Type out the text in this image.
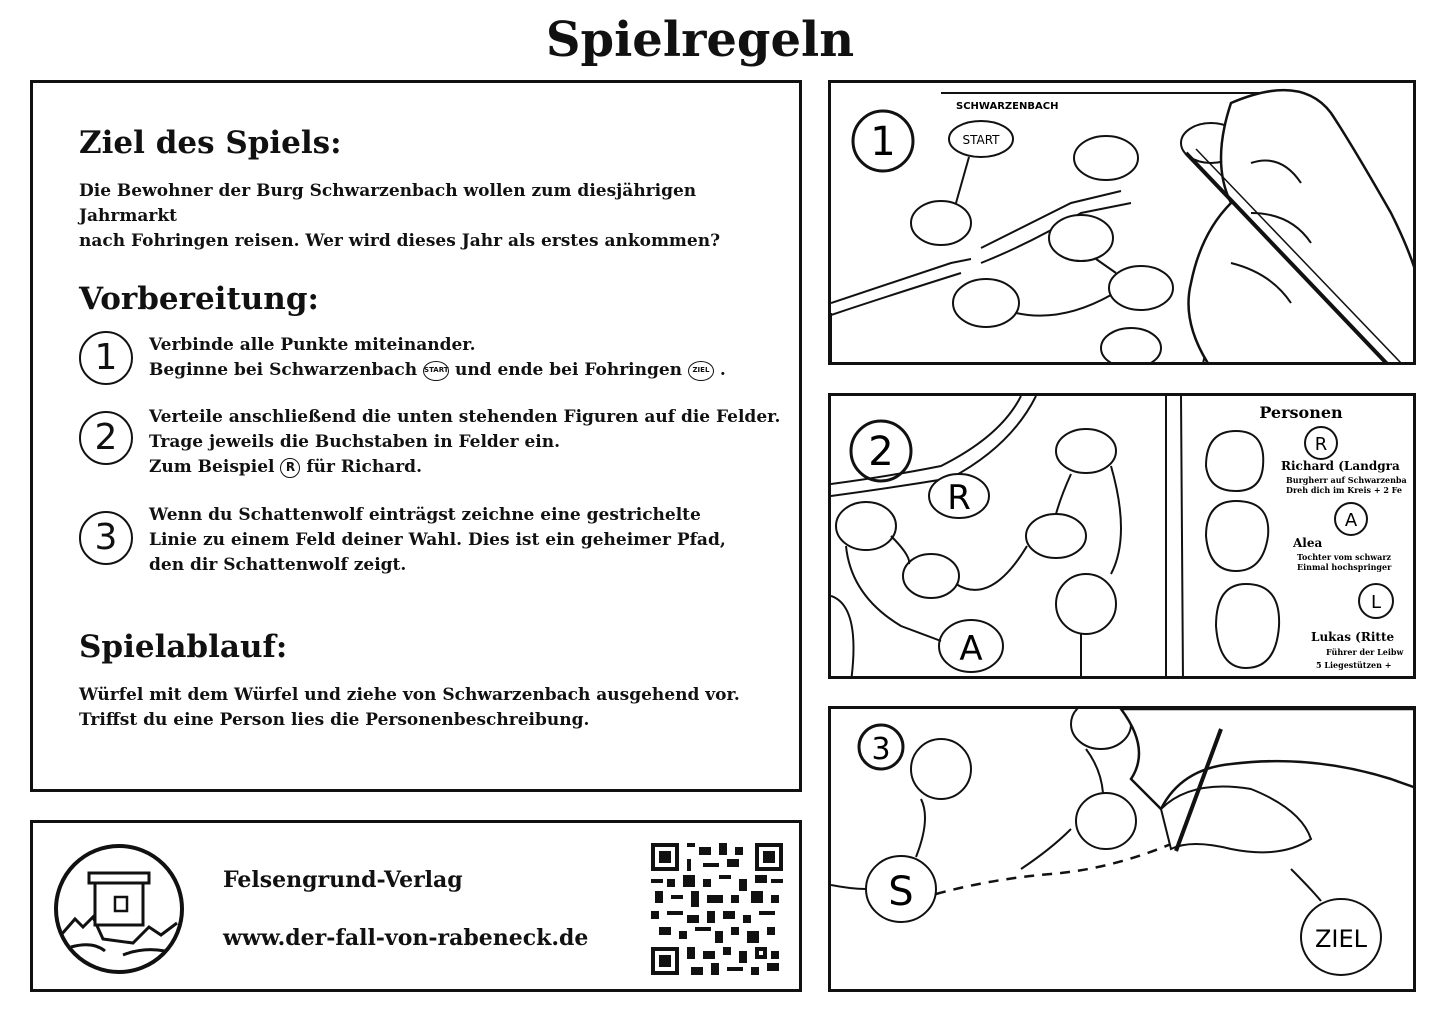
Spielregeln
Ziel des Spiels:

Die Bewohner der Burg Schwarzenbach wollen zum diesjährigen Jahrmarkt
nach Fohringen reisen. Wer wird dieses Jahr als erstes ankommen?

Vorbereitung:
1	Verbinde alle Punkte miteinander.
Beginne bei Schwarzenbach START und ende bei Fohringen ZIEL .
2	Verteile anschließend die unten stehenden Figuren auf die Felder.
Trage jeweils die Buchstaben in Felder ein.
Zum Beispiel R für Richard.
3
Wenn du Schattenwolf einträgst zeichne eine gestrichelte
Linie zu einem Feld deiner Wahl. Dies ist ein geheimer Pfad,
den dir Schattenwolf zeigt.
Spielablauf:

Würfel mit dem Würfel und ziehe von Schwarzenbach ausgehend vor.
Triffst du eine Person lies die Personenbeschreibung.

Felsengrund-Verlag
www.der-fall-von-rabeneck.de
1
SCHWARZENBACH
START
2
R
A
Personen
R
Richard (Landgra
Burgherr auf Schwarzenba
Dreh dich im Kreis + 2 Fe
A
Alea
Tochter vom schwarz
Einmal hochspringer
L
Lukas (Ritte
Führer der Leibw
5 Liegestützen +
3
S
ZIEL
